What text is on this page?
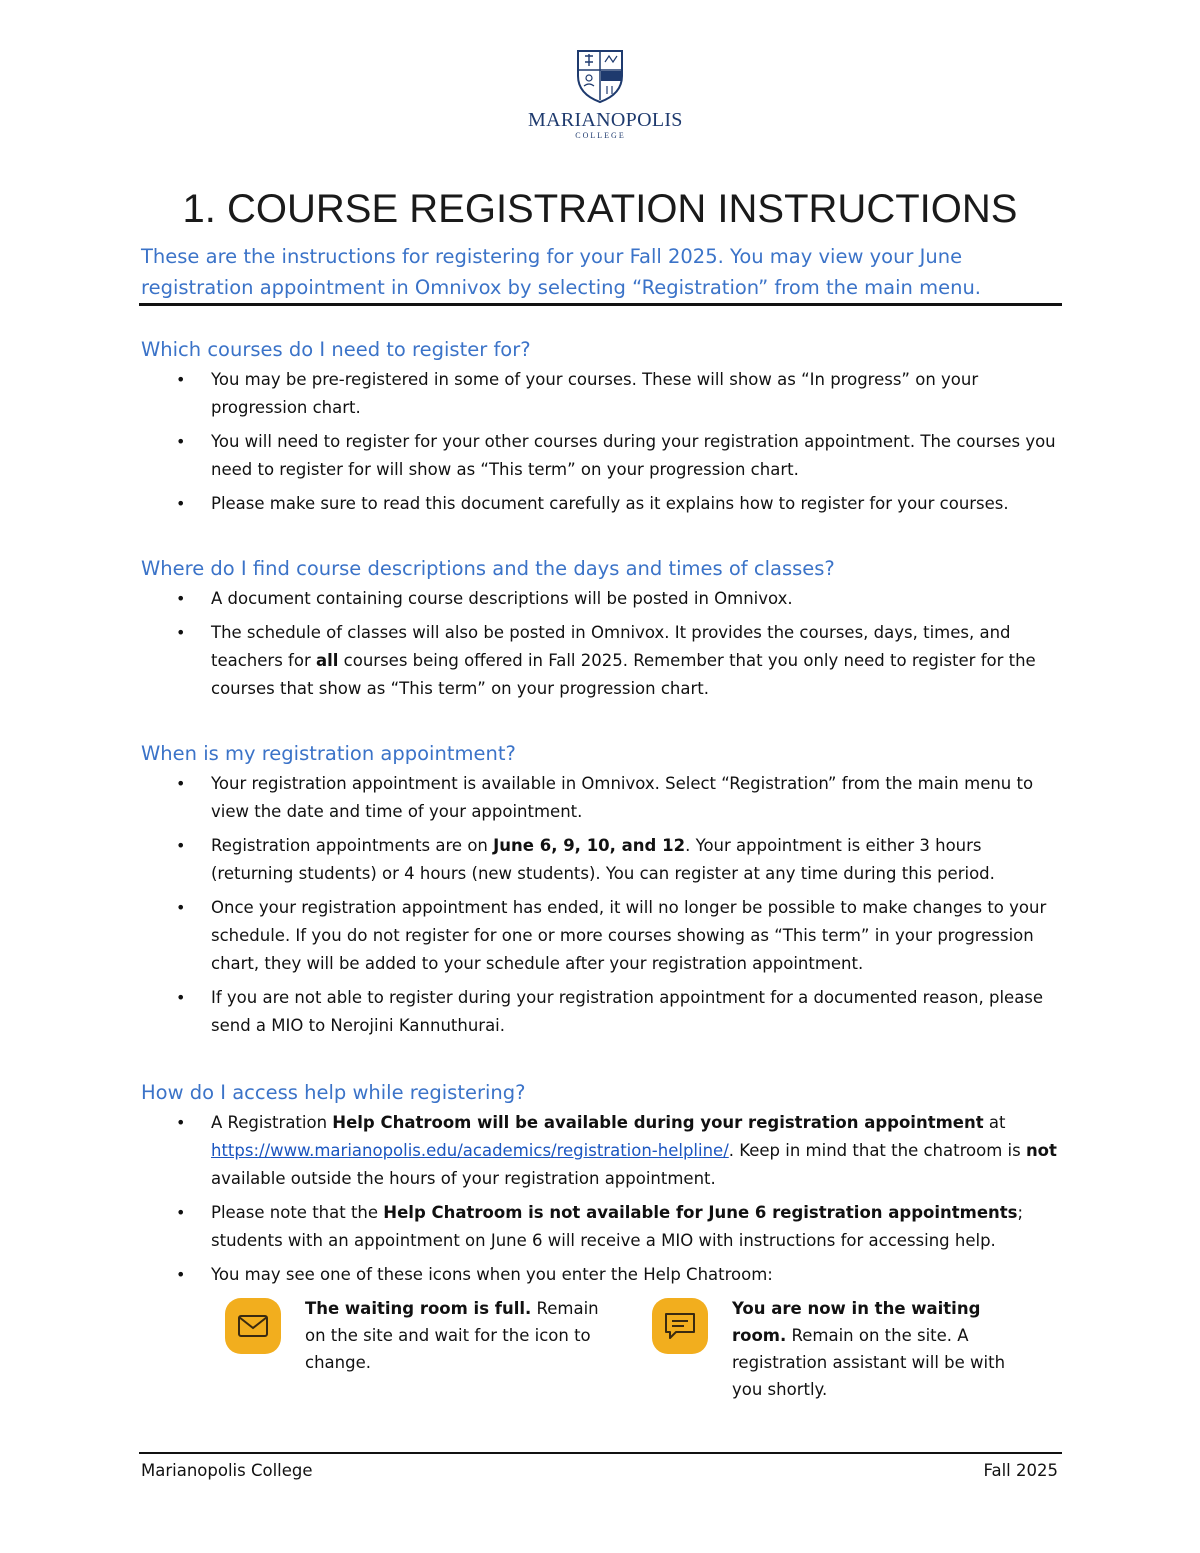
MARIANOPOLIS
COLLEGE
1. COURSE REGISTRATION INSTRUCTIONS

These are the instructions for registering for your Fall 2025. You may view your June registration appointment in Omnivox by selecting “Registration” from the main menu.

Which courses do I need to register for?
• You may be pre-registered in some of your courses. These will show as “In progress” on your progression chart.
• You will need to register for your other courses during your registration appointment. The courses you need to register for will show as “This term” on your progression chart.
• Please make sure to read this document carefully as it explains how to register for your courses.
Where do I find course descriptions and the days and times of classes?
• A document containing course descriptions will be posted in Omnivox.
• The schedule of classes will also be posted in Omnivox. It provides the courses, days, times, and teachers for all courses being offered in Fall 2025. Remember that you only need to register for the courses that show as “This term” on your progression chart.
When is my registration appointment?
• Your registration appointment is available in Omnivox. Select “Registration” from the main menu to view the date and time of your appointment.
• Registration appointments are on June 6, 9, 10, and 12. Your appointment is either 3 hours (returning students) or 4 hours (new students). You can register at any time during this period.
• Once your registration appointment has ended, it will no longer be possible to make changes to your schedule. If you do not register for one or more courses showing as “This term” in your progression chart, they will be added to your schedule after your registration appointment.
• If you are not able to register during your registration appointment for a documented reason, please send a MIO to Nerojini Kannuthurai.
How do I access help while registering?
• A Registration Help Chatroom will be available during your registration appointment at https://www.marianopolis.edu/academics/registration-helpline/. Keep in mind that the chatroom is not available outside the hours of your registration appointment.
• Please note that the Help Chatroom is not available for June 6 registration appointments; students with an appointment on June 6 will receive a MIO with instructions for accessing help.
• You may see one of these icons when you enter the Help Chatroom:
The waiting room is full. Remain on the site and wait for the icon to change.
You are now in the waiting room. Remain on the site. A registration assistant will be with you shortly.
Marianopolis College	Fall 2025
